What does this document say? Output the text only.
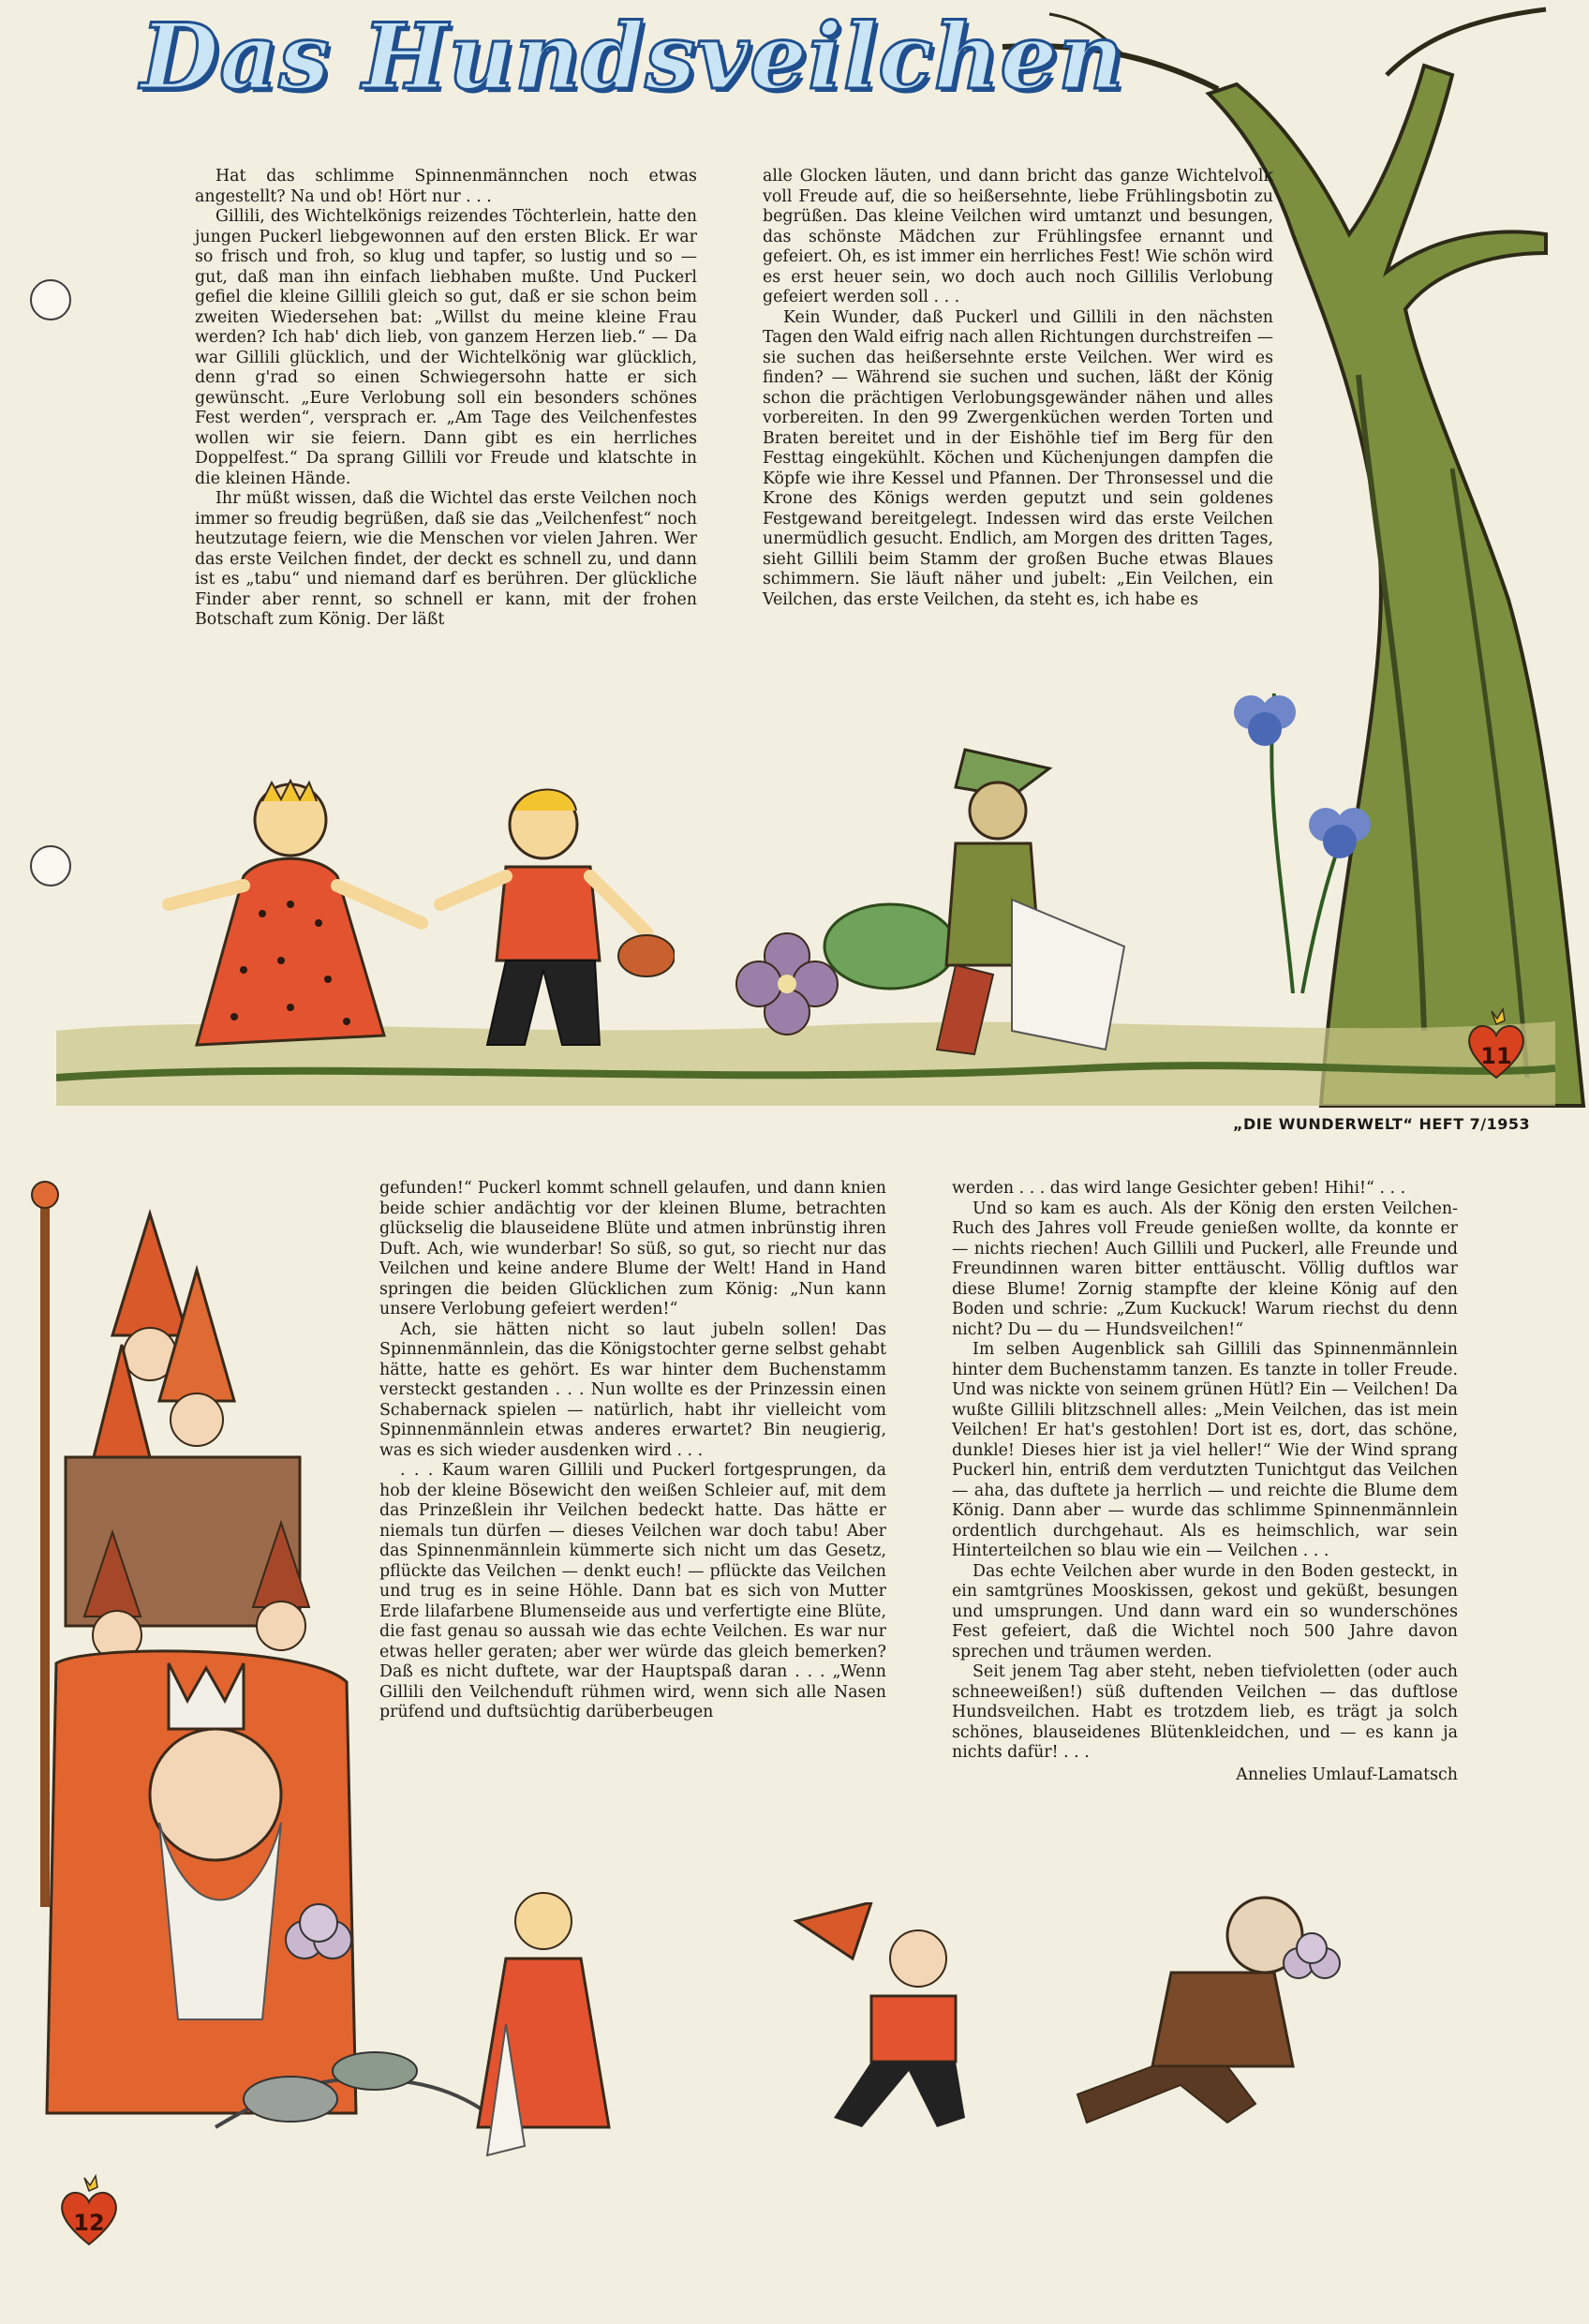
11
„DIE WUNDERWELT“ HEFT 7/1953
Das Hundsveilchen

Hat das schlimme Spinnenmännchen noch etwas angestellt? Na und ob! Hört nur . . .

Gillili, des Wichtelkönigs reizendes Töchterlein, hatte den jungen Puckerl liebgewonnen auf den ersten Blick. Er war so frisch und froh, so klug und tapfer, so lustig und so — gut, daß man ihn einfach liebhaben mußte. Und Puckerl gefiel die kleine Gillili gleich so gut, daß er sie schon beim zweiten Wiedersehen bat: „Willst du meine kleine Frau werden? Ich hab' dich lieb, von ganzem Herzen lieb.“ — Da war Gillili glücklich, und der Wichtelkönig war glücklich, denn g'rad so einen Schwiegersohn hatte er sich gewünscht. „Eure Verlobung soll ein besonders schönes Fest werden“, versprach er. „Am Tage des Veilchenfestes wollen wir sie feiern. Dann gibt es ein herrliches Doppelfest.“ Da sprang Gillili vor Freude und klatschte in die kleinen Hände.

Ihr müßt wissen, daß die Wichtel das erste Veilchen noch immer so freudig begrüßen, daß sie das „Veilchenfest“ noch heutzutage feiern, wie die Menschen vor vielen Jahren. Wer das erste Veilchen findet, der deckt es schnell zu, und dann ist es „tabu“ und niemand darf es berühren. Der glückliche Finder aber rennt, so schnell er kann, mit der frohen Botschaft zum König. Der läßt

alle Glocken läuten, und dann bricht das ganze Wichtelvolk voll Freude auf, die so heißersehnte, liebe Frühlingsbotin zu begrüßen. Das kleine Veilchen wird umtanzt und besungen, das schönste Mädchen zur Frühlingsfee ernannt und gefeiert. Oh, es ist immer ein herrliches Fest! Wie schön wird es erst heuer sein, wo doch auch noch Gillilis Verlobung gefeiert werden soll . . .

Kein Wunder, daß Puckerl und Gillili in den nächsten Tagen den Wald eifrig nach allen Richtungen durchstreifen — sie suchen das heißersehnte erste Veilchen. Wer wird es finden? — Während sie suchen und suchen, läßt der König schon die prächtigen Verlobungsgewänder nähen und alles vorbereiten. In den 99 Zwergenküchen werden Torten und Braten bereitet und in der Eishöhle tief im Berg für den Festtag eingekühlt. Köchen und Küchenjungen dampfen die Köpfe wie ihre Kessel und Pfannen. Der Thronsessel und die Krone des Königs werden geputzt und sein goldenes Festgewand bereitgelegt. Indessen wird das erste Veilchen unermüdlich gesucht. Endlich, am Morgen des dritten Tages, sieht Gillili beim Stamm der großen Buche etwas Blaues schimmern. Sie läuft näher und jubelt: „Ein Veilchen, ein Veilchen, das erste Veilchen, da steht es, ich habe es

12

gefunden!“ Puckerl kommt schnell gelaufen, und dann knien beide schier andächtig vor der kleinen Blume, betrachten glückselig die blauseidene Blüte und atmen inbrünstig ihren Duft. Ach, wie wunderbar! So süß, so gut, so riecht nur das Veilchen und keine andere Blume der Welt! Hand in Hand springen die beiden Glücklichen zum König: „Nun kann unsere Verlobung gefeiert werden!“

Ach, sie hätten nicht so laut jubeln sollen! Das Spinnenmännlein, das die Königstochter gerne selbst gehabt hätte, hatte es gehört. Es war hinter dem Buchenstamm versteckt gestanden . . . Nun wollte es der Prinzessin einen Schabernack spielen — natürlich, habt ihr vielleicht vom Spinnenmännlein etwas anderes erwartet? Bin neugierig, was es sich wieder ausdenken wird . . .

. . . Kaum waren Gillili und Puckerl fortgesprungen, da hob der kleine Bösewicht den weißen Schleier auf, mit dem das Prinzeßlein ihr Veilchen bedeckt hatte. Das hätte er niemals tun dürfen — dieses Veilchen war doch tabu! Aber das Spinnenmännlein kümmerte sich nicht um das Gesetz, pflückte das Veilchen — denkt euch! — pflückte das Veilchen und trug es in seine Höhle. Dann bat es sich von Mutter Erde lilafarbene Blumenseide aus und verfertigte eine Blüte, die fast genau so aussah wie das echte Veilchen. Es war nur etwas heller geraten; aber wer würde das gleich bemerken? Daß es nicht duftete, war der Hauptspaß daran . . . „Wenn Gillili den Veilchenduft rühmen wird, wenn sich alle Nasen prüfend und duftsüchtig darüberbeugen

werden . . . das wird lange Gesichter geben! Hihi!“ . . .

Und so kam es auch. Als der König den ersten Veilchen-Ruch des Jahres voll Freude genießen wollte, da konnte er — nichts riechen! Auch Gillili und Puckerl, alle Freunde und Freundinnen waren bitter enttäuscht. Völlig duftlos war diese Blume! Zornig stampfte der kleine König auf den Boden und schrie: „Zum Kuckuck! Warum riechst du denn nicht? Du — du — Hundsveilchen!“

Im selben Augenblick sah Gillili das Spinnenmännlein hinter dem Buchenstamm tanzen. Es tanzte in toller Freude. Und was nickte von seinem grünen Hütl? Ein — Veilchen! Da wußte Gillili blitzschnell alles: „Mein Veilchen, das ist mein Veilchen! Er hat's gestohlen! Dort ist es, dort, das schöne, dunkle! Dieses hier ist ja viel heller!“ Wie der Wind sprang Puckerl hin, entriß dem verdutzten Tunichtgut das Veilchen — aha, das duftete ja herrlich — und reichte die Blume dem König. Dann aber — wurde das schlimme Spinnenmännlein ordentlich durchgehaut. Als es heimschlich, war sein Hinterteilchen so blau wie ein — Veilchen . . .

Das echte Veilchen aber wurde in den Boden gesteckt, in ein samtgrünes Mooskissen, gekost und geküßt, besungen und umsprungen. Und dann ward ein so wunderschönes Fest gefeiert, daß die Wichtel noch 500 Jahre davon sprechen und träumen werden.

Seit jenem Tag aber steht, neben tiefvioletten (oder auch schneeweißen!) süß duftenden Veilchen — das duftlose Hundsveilchen. Habt es trotzdem lieb, es trägt ja solch schönes, blauseidenes Blütenkleidchen, und — es kann ja nichts dafür! . . .

Annelies Umlauf-Lamatsch
